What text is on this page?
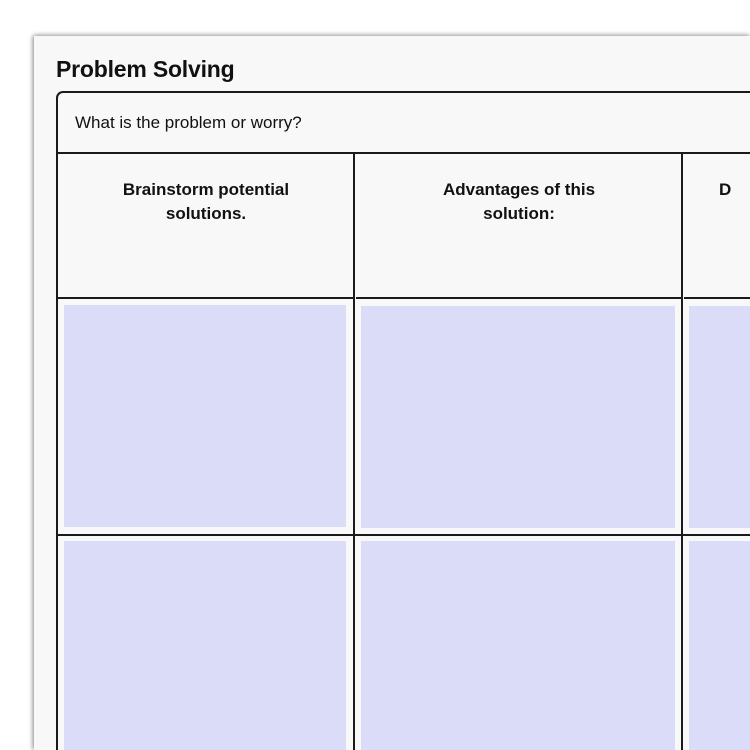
Problem Solving
What is the problem or worry?
Brainstorm potential
solutions.
Advantages of this
solution:
D
